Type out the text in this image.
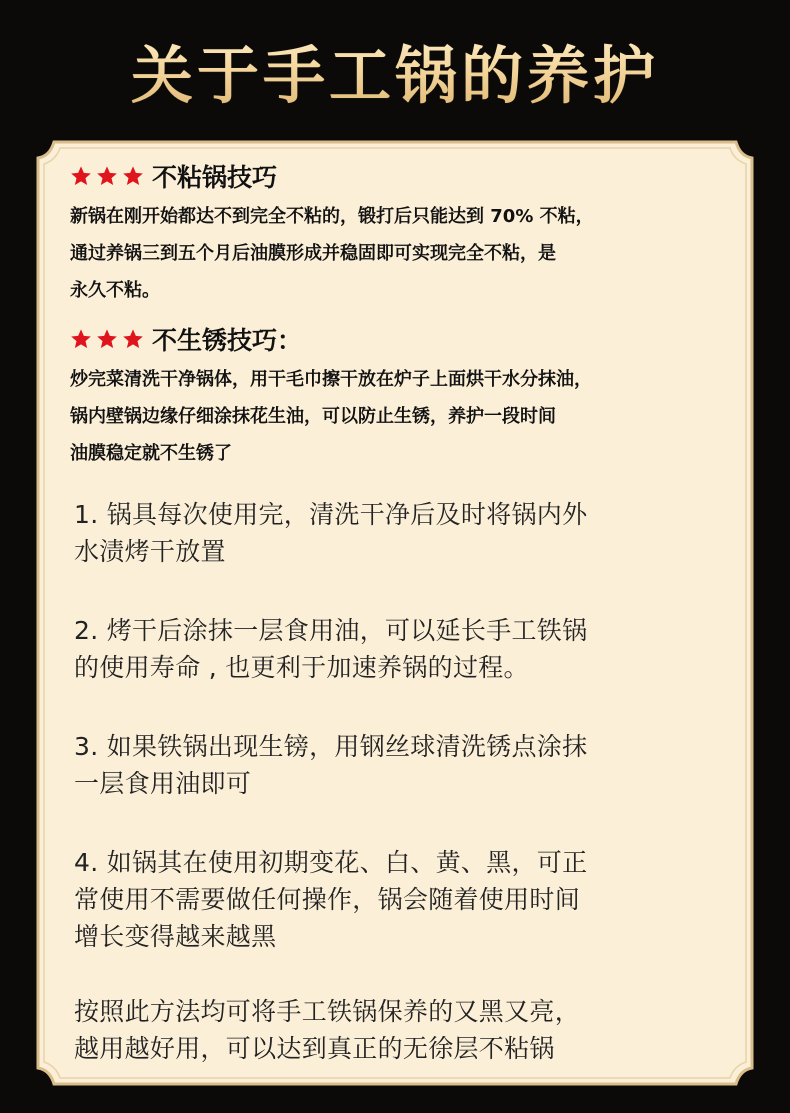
关于手工锅的养护
不粘锅技巧
新锅在刚开始都达不到完全不粘的，锻打后只能达到 70% 不粘，
通过养锅三到五个月后油膜形成并稳固即可实现完全不粘，是
永久不粘。
不生锈技巧：
炒完菜清洗干净锅体，用干毛巾擦干放在炉子上面烘干水分抹油，
锅内壁锅边缘仔细涂抹花生油，可以防止生锈，养护一段时间
油膜稳定就不生锈了
1. 锅具每次使用完，清洗干净后及时将锅内外
水渍烤干放置
2. 烤干后涂抹一层食用油，可以延长手工铁锅
的使用寿命 , 也更利于加速养锅的过程。
3. 如果铁锅出现生镑，用钢丝球清洗锈点涂抹
一层食用油即可
4. 如锅其在使用初期变花、白、黄、黑，可正
常使用不需要做任何操作，锅会随着使用时间
增长变得越来越黑
按照此方法均可将手工铁锅保养的又黑又亮，
越用越好用，可以达到真正的无徐层不粘锅
